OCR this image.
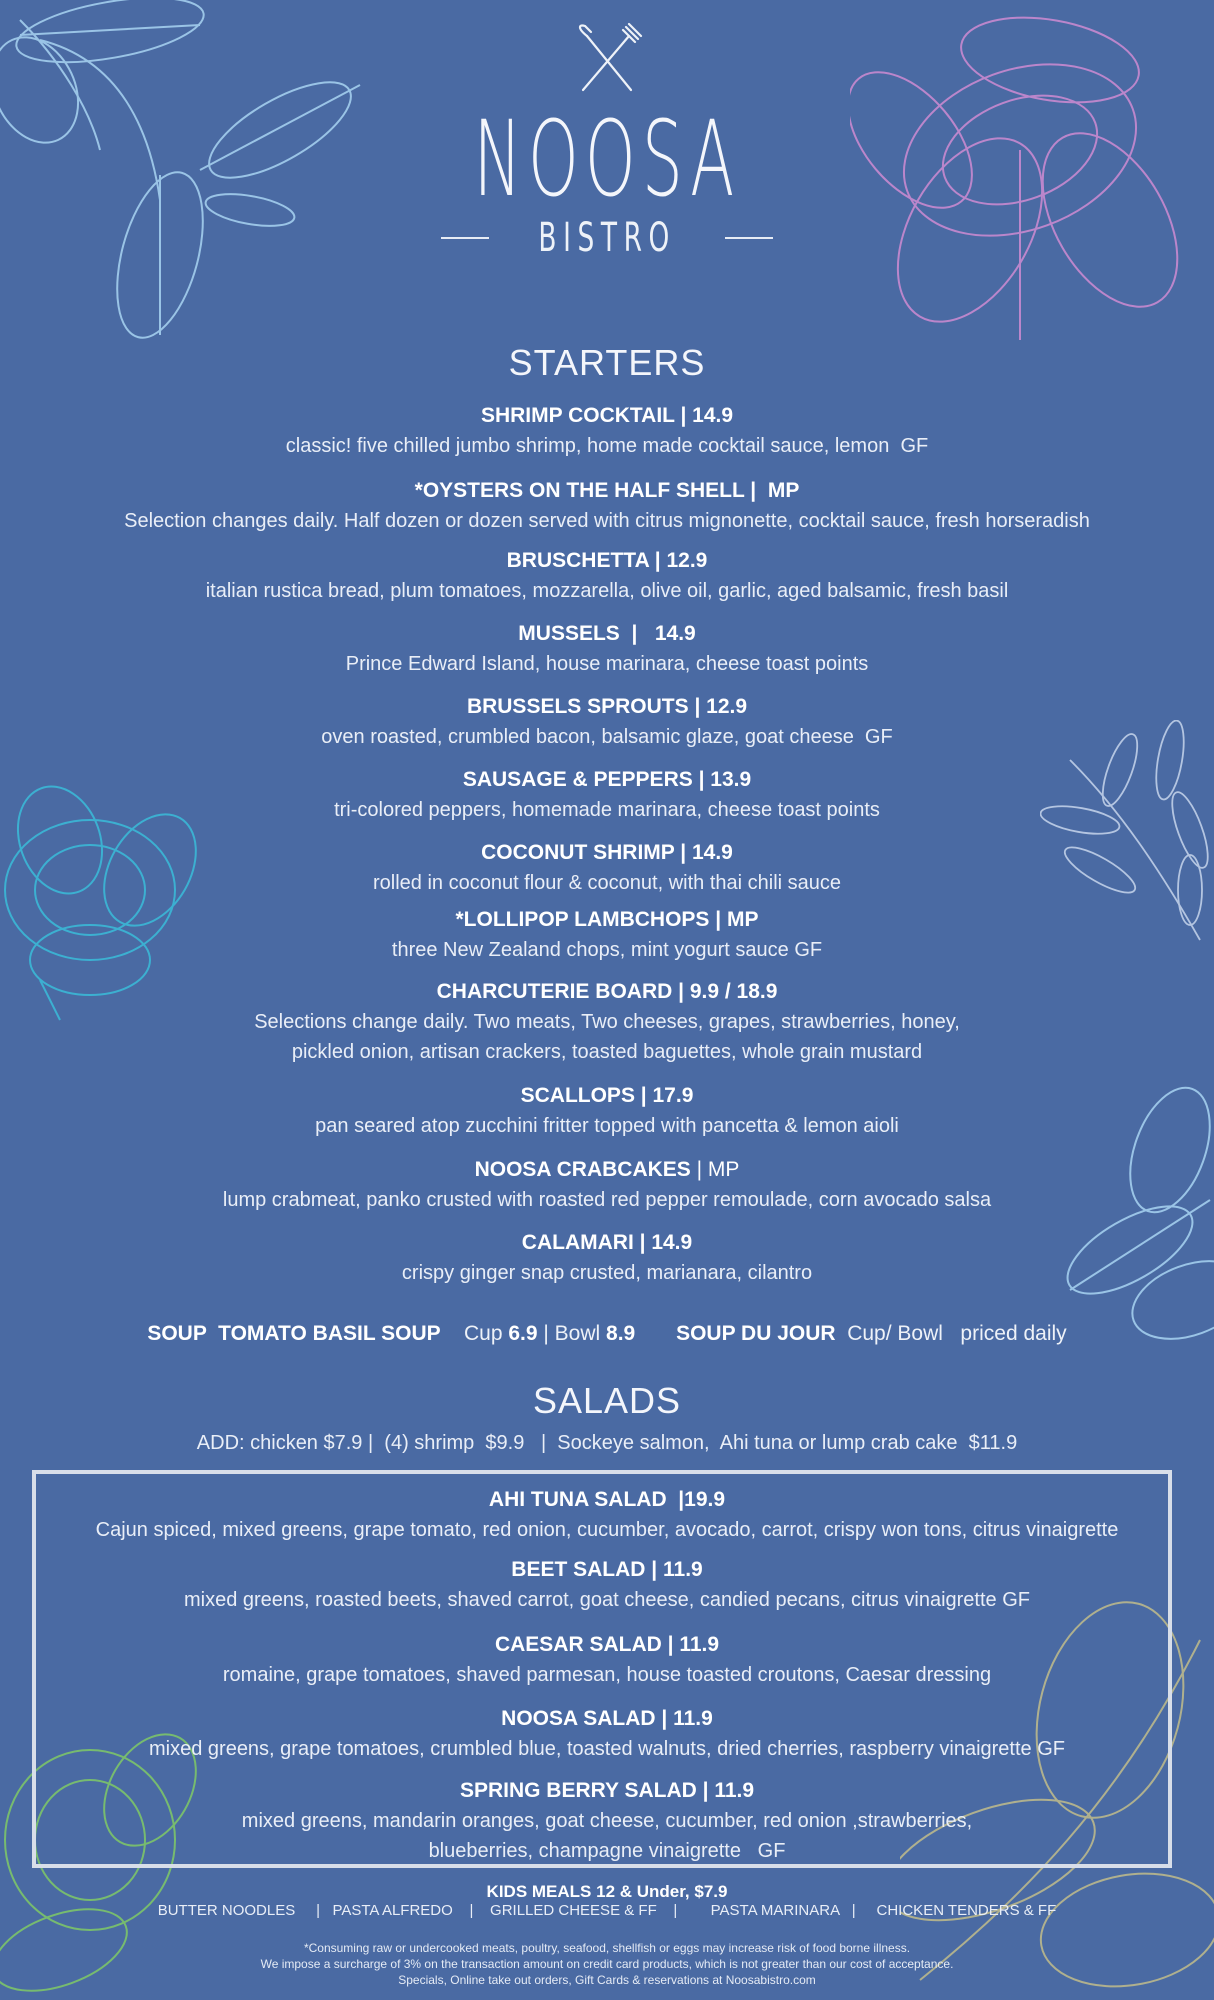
NOOSA
BISTRO
STARTERS
SHRIMP COCKTAIL | 14.9
classic! five chilled jumbo shrimp, home made cocktail sauce, lemon  GF
*OYSTERS ON THE HALF SHELL |  MP
Selection changes daily. Half dozen or dozen served with citrus mignonette, cocktail sauce, fresh horseradish
BRUSCHETTA | 12.9
italian rustica bread, plum tomatoes, mozzarella, olive oil, garlic, aged balsamic, fresh basil
MUSSELS  |   14.9
Prince Edward Island, house marinara, cheese toast points
BRUSSELS SPROUTS | 12.9
oven roasted, crumbled bacon, balsamic glaze, goat cheese  GF
SAUSAGE & PEPPERS | 13.9
tri-colored peppers, homemade marinara, cheese toast points
COCONUT SHRIMP | 14.9
rolled in coconut flour & coconut, with thai chili sauce
*LOLLIPOP LAMBCHOPS | MP
three New Zealand chops, mint yogurt sauce GF
CHARCUTERIE BOARD | 9.9 / 18.9
Selections change daily. Two meats, Two cheeses, grapes, strawberries, honey,
pickled onion, artisan crackers, toasted baguettes, whole grain mustard
SCALLOPS | 17.9
pan seared atop zucchini fritter topped with pancetta & lemon aioli
NOOSA CRABCAKES | MP
lump crabmeat, panko crusted with roasted red pepper remoulade, corn avocado salsa
CALAMARI | 14.9
crispy ginger snap crusted, marianara, cilantro
SOUP  TOMATO BASIL SOUP Cup 6.9 | Bowl 8.9 SOUP DU JOUR  Cup/ Bowl   priced daily
SALADS
ADD: chicken $7.9 |  (4) shrimp  $9.9   |  Sockeye salmon,  Ahi tuna or lump crab cake  $11.9
AHI TUNA SALAD  |19.9
Cajun spiced, mixed greens, grape tomato, red onion, cucumber, avocado, carrot, crispy won tons, citrus vinaigrette
BEET SALAD | 11.9
mixed greens, roasted beets, shaved carrot, goat cheese, candied pecans, citrus vinaigrette GF
CAESAR SALAD | 11.9
romaine, grape tomatoes, shaved parmesan, house toasted croutons, Caesar dressing
NOOSA SALAD | 11.9
mixed greens, grape tomatoes, crumbled blue, toasted walnuts, dried cherries, raspberry vinaigrette GF
SPRING BERRY SALAD | 11.9
mixed greens, mandarin oranges, goat cheese, cucumber, red onion ,strawberries,
blueberries, champagne vinaigrette   GF
KIDS MEALS 12 & Under, $7.9
BUTTER NOODLES     |   PASTA ALFREDO    |    GRILLED CHEESE & FF    |        PASTA MARINARA   |     CHICKEN TENDERS & FF
*Consuming raw or undercooked meats, poultry, seafood, shellfish or eggs may increase risk of food borne illness.
We impose a surcharge of 3% on the transaction amount on credit card products, which is not greater than our cost of acceptance.
Specials, Online take out orders, Gift Cards & reservations at Noosabistro.com
